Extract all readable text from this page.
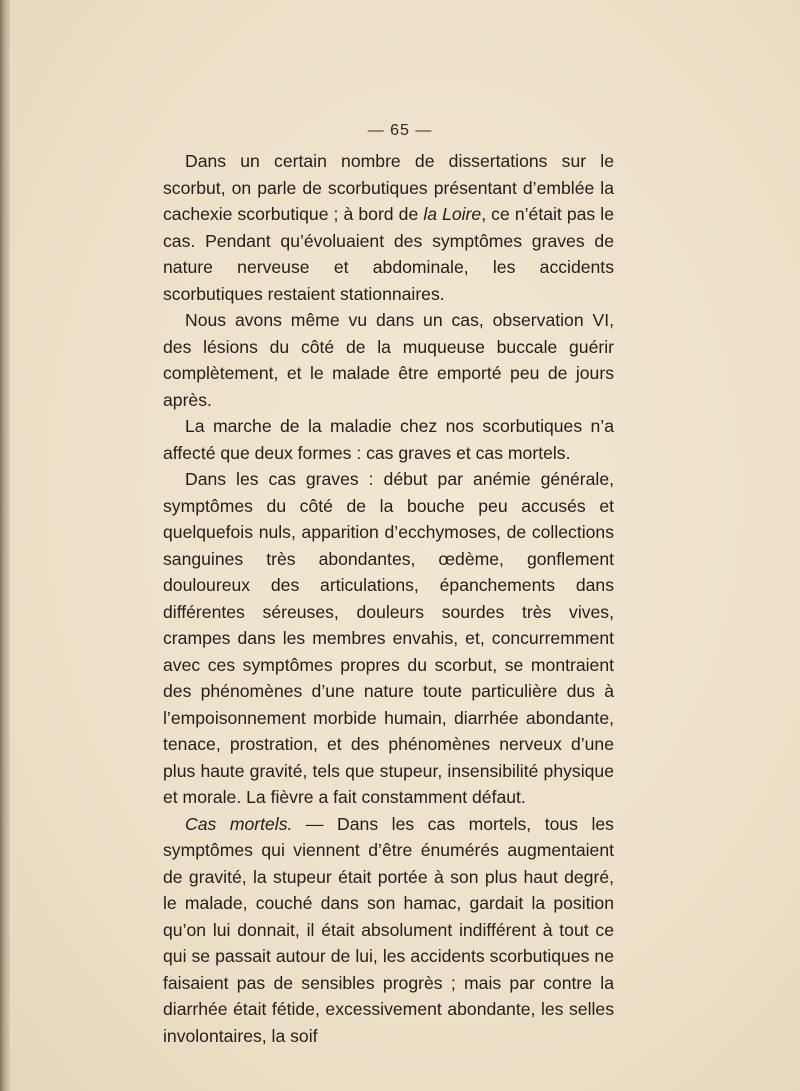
— 65 —

Dans un certain nombre de dissertations sur le scorbut, on parle de scorbutiques présentant d’emblée la cachexie scorbutique ; à bord de la Loire, ce n’était pas le cas. Pendant qu’évoluaient des symptômes graves de nature nerveuse et abdominale, les accidents scorbutiques restaient stationnaires.

Nous avons même vu dans un cas, observation VI, des lésions du côté de la muqueuse buccale guérir complètement, et le malade être emporté peu de jours après.

La marche de la maladie chez nos scorbutiques n’a affecté que deux formes : cas graves et cas mortels.

Dans les cas graves : début par anémie générale, symptômes du côté de la bouche peu accusés et quelquefois nuls, apparition d’ecchymoses, de collections sanguines très abondantes, œdème, gonflement douloureux des articulations, épanchements dans différentes séreuses, douleurs sourdes très vives, crampes dans les membres envahis, et, concurremment avec ces symptômes propres du scorbut, se montraient des phénomènes d’une nature toute particulière dus à l’empoisonnement morbide humain, diarrhée abondante, tenace, prostration, et des phénomènes nerveux d’une plus haute gravité, tels que stupeur, insensibilité physique et morale. La fièvre a fait constamment défaut.

Cas mortels. — Dans les cas mortels, tous les symptômes qui viennent d’être énumérés augmentaient de gravité, la stupeur était portée à son plus haut degré, le malade, couché dans son hamac, gardait la position qu’on lui donnait, il était absolument indifférent à tout ce qui se passait autour de lui, les accidents scorbutiques ne faisaient pas de sensibles progrès ; mais par contre la diarrhée était fétide, excessivement abondante, les selles involontaires, la soif
